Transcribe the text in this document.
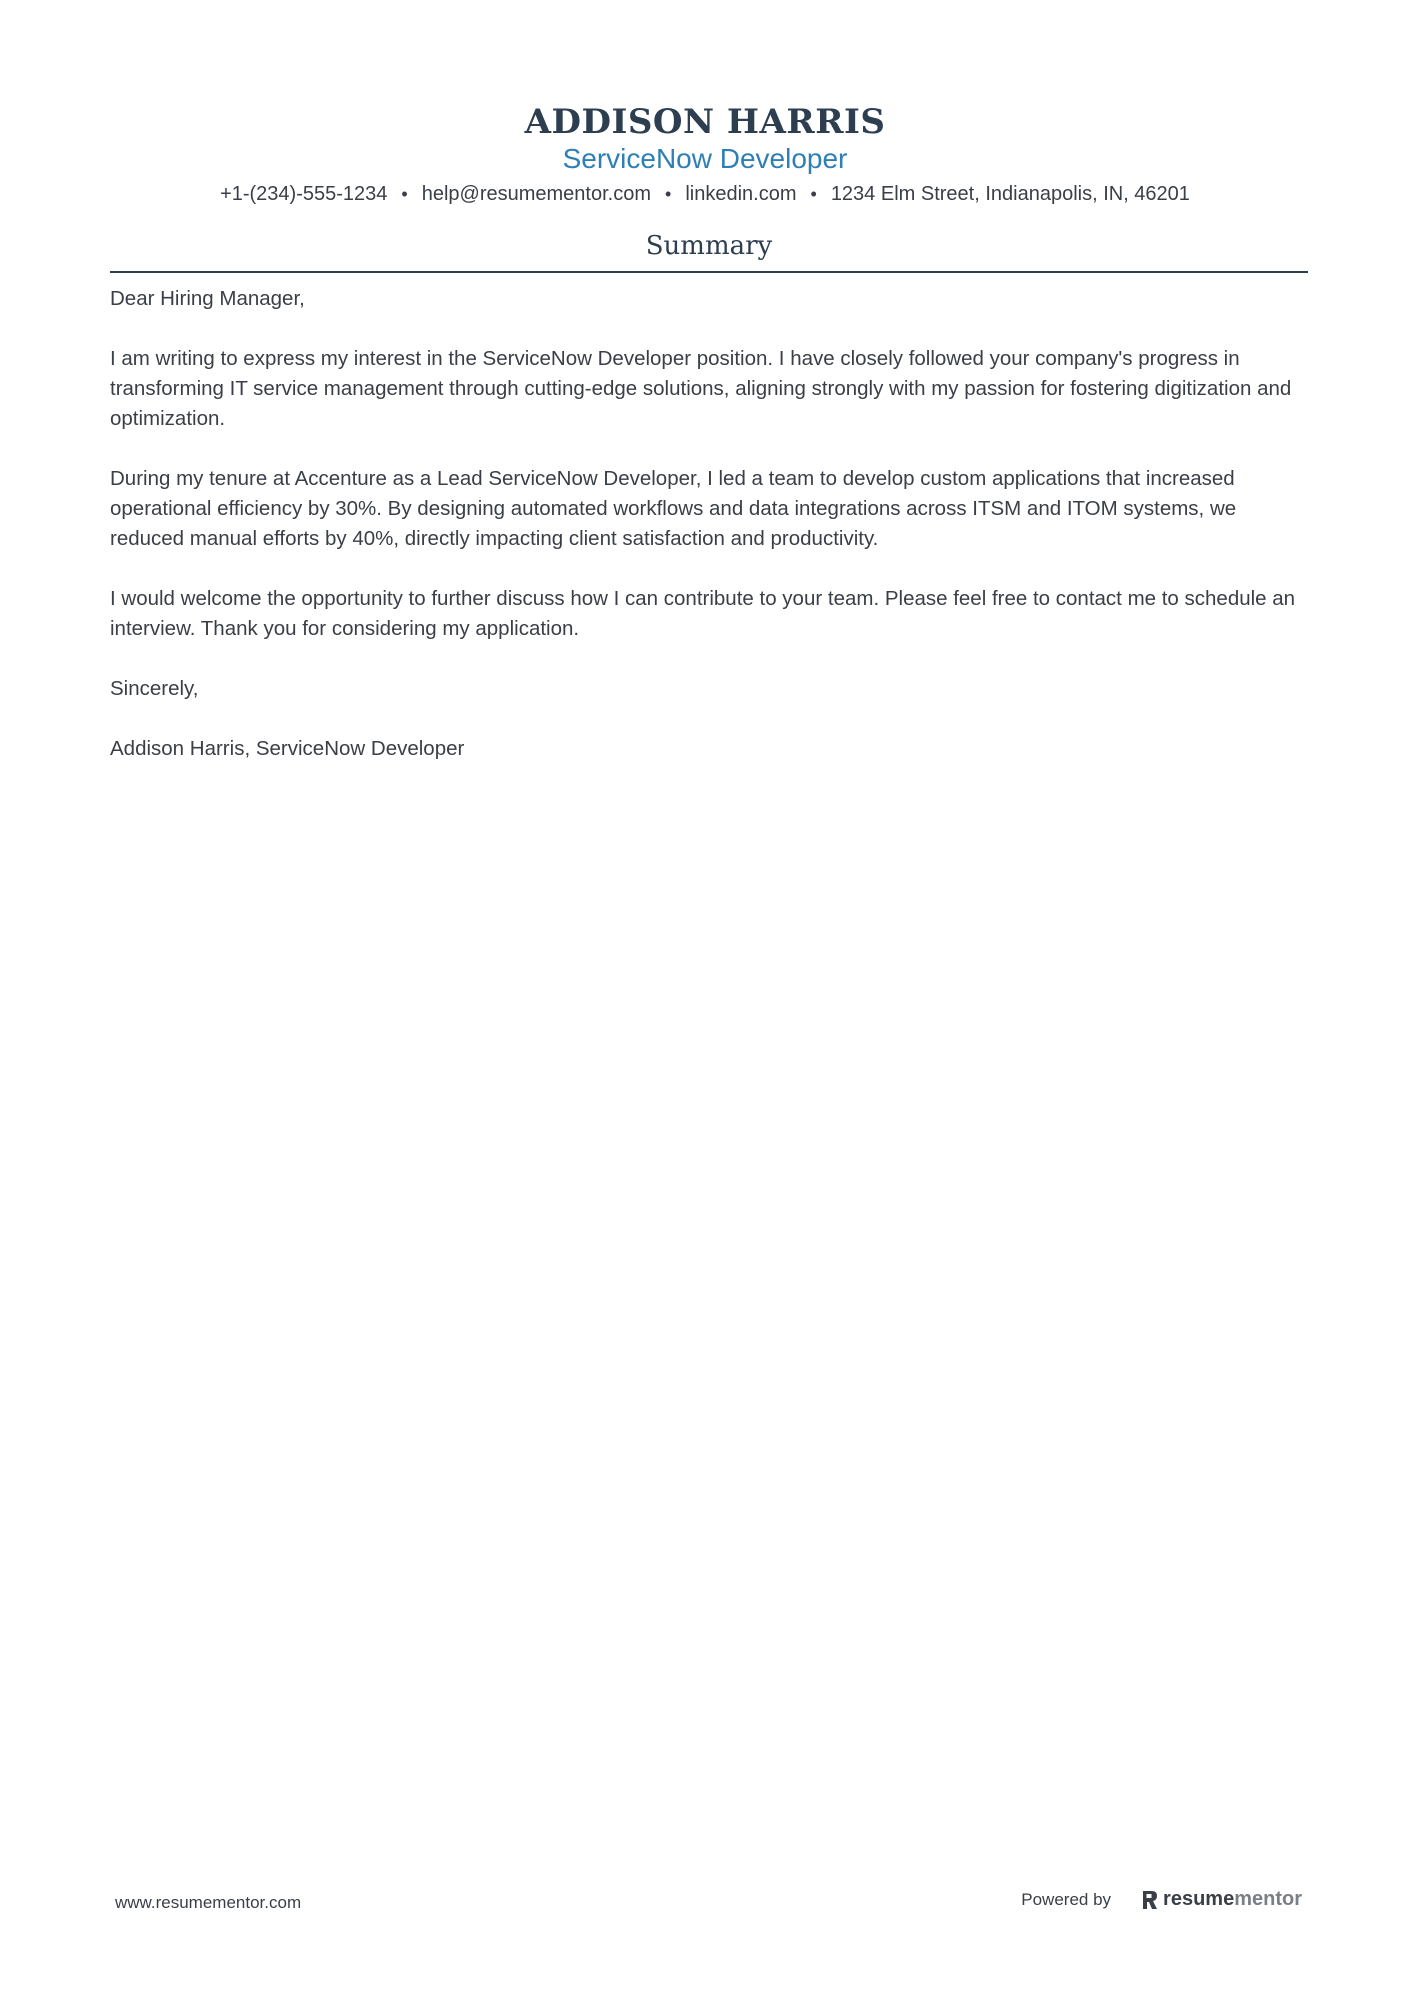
ADDISON HARRIS
ServiceNow Developer
+1-(234)-555-1234 • help@resumementor.com • linkedin.com • 1234 Elm Street, Indianapolis, IN, 46201
Summary

Dear Hiring Manager,

I am writing to express my interest in the ServiceNow Developer position. I have closely followed your company's progress in transforming IT service management through cutting-edge solutions, aligning strongly with my passion for fostering digitization and optimization.

During my tenure at Accenture as a Lead ServiceNow Developer, I led a team to develop custom applications that increased operational efficiency by 30%. By designing automated workflows and data integrations across ITSM and ITOM systems, we reduced manual efforts by 40%, directly impacting client satisfaction and productivity.

I would welcome the opportunity to further discuss how I can contribute to your team. Please feel free to contact me to schedule an interview. Thank you for considering my application.

Sincerely,

Addison Harris, ServiceNow Developer

www.resumementor.com	Powered by	resume mentor
